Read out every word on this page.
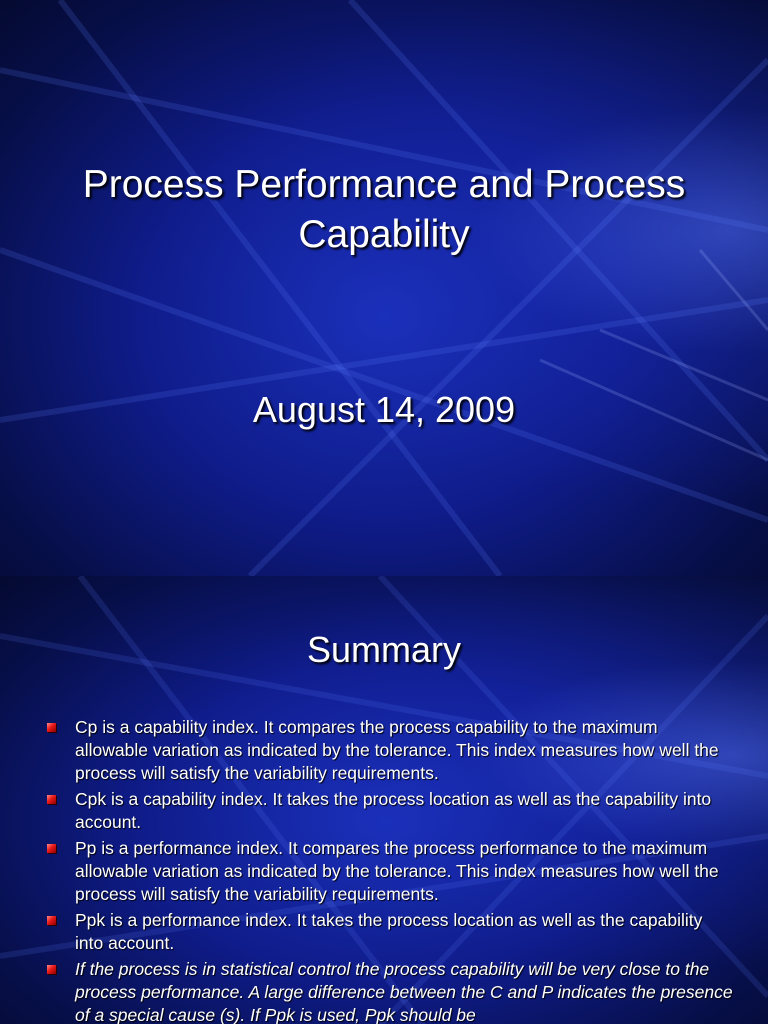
Process Performance and Process Capability
August 14, 2009
Summary
Cp is a capability index. It compares the process capability to the maximum allowable variation as indicated by the tolerance. This index measures how well the process will satisfy the variability requirements.
Cpk is a capability index. It takes the process location as well as the capability into account.
Pp is a performance index. It compares the process performance to the maximum allowable variation as indicated by the tolerance. This index measures how well the process will satisfy the variability requirements.
Ppk is a performance index. It takes the process location as well as the capability into account.
If the process is in statistical control the process capability will be very close to the process performance. A large difference between the C and P indicates the presence of a special cause (s). If Ppk is used, Ppk should be
